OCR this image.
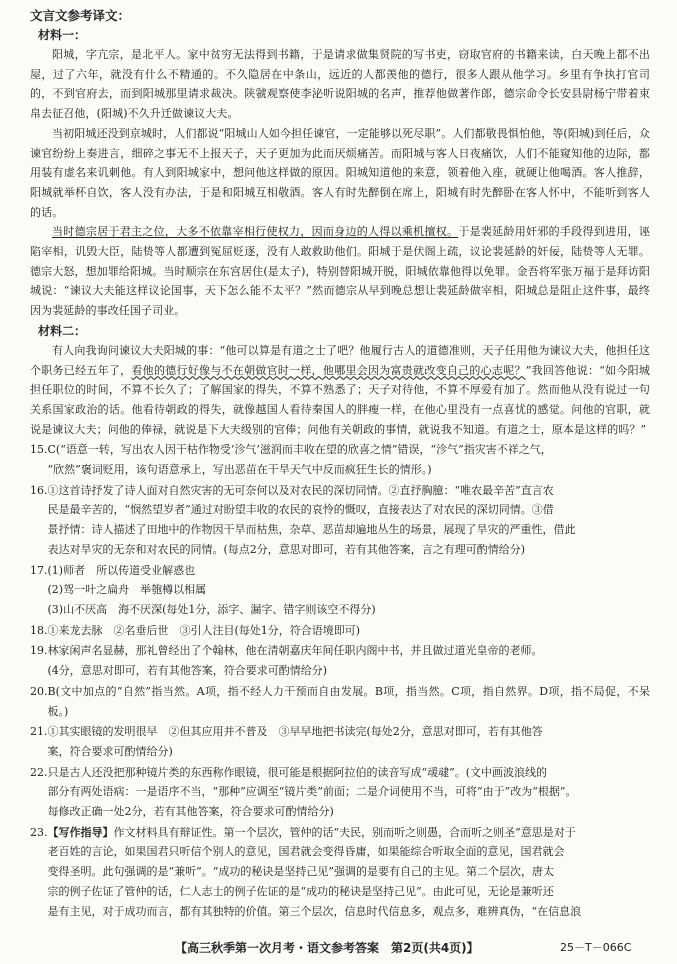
文言文参考译文：
材料一：

阳城，字亢宗，是北平人。家中贫穷无法得到书籍，于是请求做集贤院的写书吏，窃取官府的书籍来读，白天晚上都不出屋，过了六年，就没有什么不精通的。不久隐居在中条山，远近的人都羡他的德行，很多人跟从他学习。乡里有争执打官司的，不到官府去，而到阳城那里请求裁决。陕虢观察使李泌听说阳城的名声，推荐他做著作郎，德宗命令长安县尉杨宁带着束帛去征召他，(阳城)不久升迁做谏议大夫。

当初阳城还没到京城时，人们都说“阳城山人如今担任谏官，一定能够以死尽职”。人们都敬畏惧怕他，等(阳城)到任后，众谏官纷纷上奏进言，细碎之事无不上报天子，天子更加为此而厌烦痛苦。而阳城与客人日夜痛饮，人们不能窥知他的边际，都用装有虚名来讥刺他。有人到阳城家中，想问他这样做的原因。阳城知道他的来意，领着他入座，就硬让他喝酒。客人推辞，阳城就举杯自饮，客人没有办法，于是和阳城互相敬酒。客人有时先醉倒在席上，阳城有时先醉卧在客人怀中，不能听到客人的话。

当时德宗居于君主之位，大多不依靠宰相行使权力，因而身边的人得以乘机擅权。于是裴延龄用奸邪的手段得到进用，诬陷宰相，讥毁大臣，陆贽等人都遭到冤屈贬逐，没有人敢救助他们。阳城于是伏阁上疏，议论裴延龄的奸佞，陆贽等人无罪。德宗大怒，想加罪给阳城。当时顺宗在东宫居住(是太子)，特别替阳城开脱，阳城依靠他得以免罪。金吾将军张万福于是拜访阳城说：“谏议大夫能这样议论国事，天下怎么能不太平？”然而德宗从早到晚总想让裴延龄做宰相，阳城总是阻止这件事，最终因为裴延龄的事改任国子司业。

材料二：

有人向我询问谏议大夫阳城的事：“他可以算是有道之士了吧？他履行古人的道德准则，天子任用他为谏议大夫，他担任这个职务已经五年了，看他的德行好像与不在朝做官时一样，他哪里会因为富贵就改变自己的心志呢？”我回答他说：“如今阳城担任职位的时间，不算不长久了；了解国家的得失，不算不熟悉了；天子对待他，不算不厚爱有加了。然而他从没有说过一句关系国家政治的话。他看待朝政的得失，就像越国人看待秦国人的胖瘦一样，在他心里没有一点喜忧的感觉。问他的官职，就说是谏议大夫；问他的俸禄，就说是下大夫级别的官俸；问他有关朝政的事情，就说我不知道。有道之士，原本是这样的吗？”

15. C(“语意一转，写出农人因干枯作物受‘沴气’滋润而丰收在望的欣喜之情”错误，“沴气”指灾害不祥之气，
“欣然”褒词贬用，该句语意承上，写出恶苗在干旱天气中反而疯狂生长的情形。)
16. ①这首诗抒发了诗人面对自然灾害的无可奈何以及对农民的深切同情。②直抒胸臆：“唯农最辛苦”直言农
民是最辛苦的，“悯然望岁者”通过对盼望丰收的农民的哀怜的慨叹，直接表达了对农民的深切同情。③借
景抒情：诗人描述了田地中的作物因干旱而枯焦，杂草、恶苗却遍地丛生的场景，展现了旱灾的严重性，借此
表达对旱灾的无奈和对农民的同情。(每点2分，意思对即可，若有其他答案，言之有理可酌情给分)
17. (1)师者　所以传道受业解惑也
(2)驾一叶之扁舟　举匏樽以相属
(3)山不厌高　海不厌深(每处1分，添字、漏字、错字则该空不得分)
18. ①来龙去脉　②名垂后世　③引人注目(每处1分，符合语境即可)
19. 林家闲声名显赫，那礼曾经出了个翰林，他在清朝嘉庆年间任职内阁中书，并且做过道光皇帝的老师。
(4分，意思对即可，若有其他答案，符合要求可酌情给分)
20. B(文中加点的“自然”指当然。A项，指不经人力干预而自由发展。B项，指当然。C项，指自然界。D项，指不局促，不呆板。)
21. ①其实眼镜的发明很早　②但其应用并不普及　③早早地把书读完(每处2分，意思对即可，若有其他答
案，符合要求可酌情给分)
22. 只是古人还没把那种镜片类的东西称作眼镜，很可能是根据阿拉伯的读音写成“叆叇”。(文中画波浪线的
部分有两处语病：一是语序不当，“那种”应调至“镜片类”前面；二是介词使用不当，可将“由于”改为“根据”。
每修改正确一处2分，若有其他答案，符合要求可酌情给分)
23. 【写作指导】作文材料具有辩证性。第一个层次，管仲的话“夫民，别而听之则愚，合而听之则圣”意思是对于
老百姓的言论，如果国君只听信个别人的意见，国君就会变得昏庸，如果能综合听取全面的意见，国君就会
变得圣明。此句强调的是“兼听”。“成功的秘诀是坚持己见”强调的是要有自己的主见。第二个层次，唐太
宗的例子佐证了管仲的话，仁人志士的例子佐证的是“成功的秘诀是坚持己见”。由此可见，无论是兼听还
是有主见，对于成功而言，都有其独特的价值。第三个层次，信息时代信息多，观点多，难辨真伪，“在信息浪
【高三秋季第一次月考・语文参考答案　第2页(共4页)】	25－T－066C
